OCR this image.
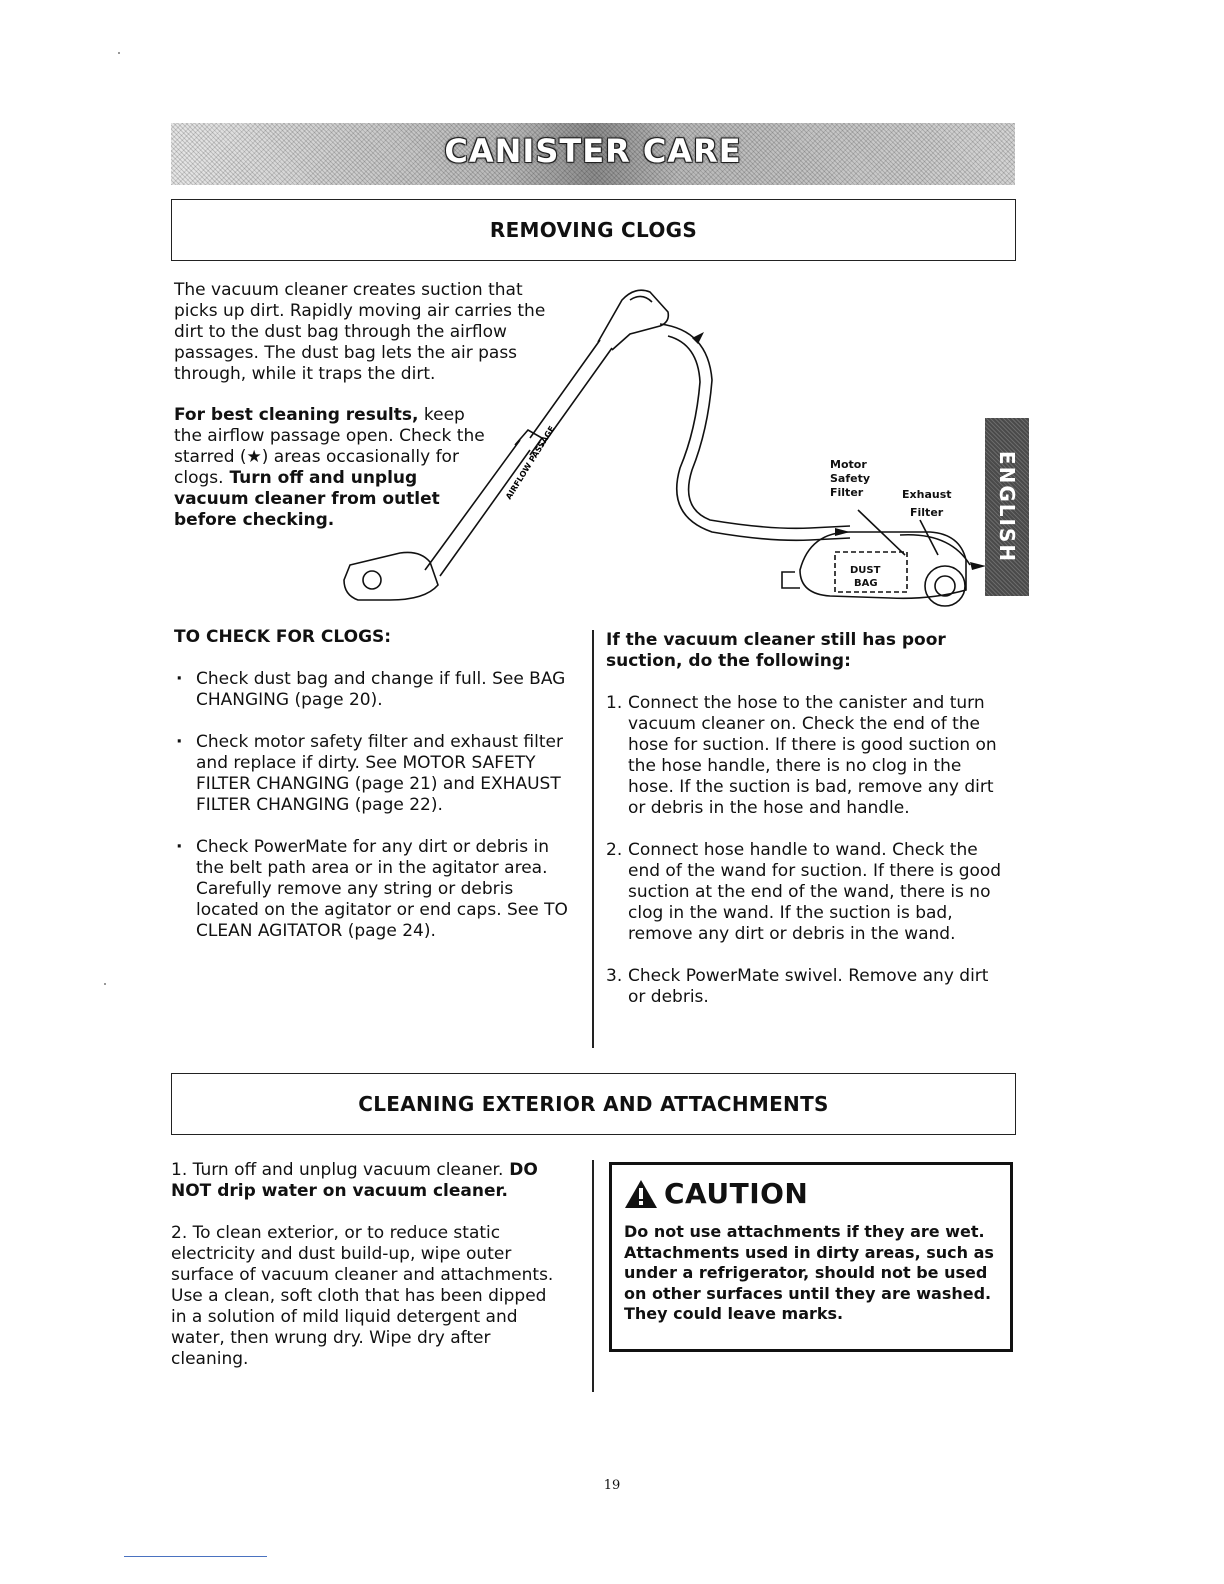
CANISTER CARE
REMOVING CLOGS

The vacuum cleaner creates suction that picks up dirt. Rapidly moving air carries the dirt to the dust bag through the airflow passages. The dust bag lets the air pass through, while it traps the dirt.

For best cleaning results, keep the airflow passage open. Check the starred (★) areas occasionally for clogs. Turn off and unplug vacuum cleaner from outlet before checking.

AIRFLOW PASSAGE	Motor
Safety
Filter	Exhaust
Filter
DUST
BAG
ENGLISH

TO CHECK FOR CLOGS:

· Check dust bag and change if full. See BAG CHANGING (page 20).
· Check motor safety filter and exhaust filter and replace if dirty. See MOTOR SAFETY FILTER CHANGING (page 21) and EXHAUST FILTER CHANGING (page 22).
· Check PowerMate for any dirt or debris in the belt path area or in the agitator area. Carefully remove any string or debris located on the agitator or end caps. See TO CLEAN AGITATOR (page 24).

If the vacuum cleaner still has poor suction, do the following:

1. Connect the hose to the canister and turn vacuum cleaner on. Check the end of the hose for suction. If there is good suction on the hose handle, there is no clog in the hose. If the suction is bad, remove any dirt or debris in the hose and handle.
2. Connect hose handle to wand. Check the end of the wand for suction. If there is good suction at the end of the wand, there is no clog in the wand. If the suction is bad, remove any dirt or debris in the wand.
3. Check PowerMate swivel. Remove any dirt or debris.
CLEANING EXTERIOR AND ATTACHMENTS

1. Turn off and unplug vacuum cleaner. DO NOT drip water on vacuum cleaner.

2. To clean exterior, or to reduce static electricity and dust build-up, wipe outer surface of vacuum cleaner and attachments. Use a clean, soft cloth that has been dipped in a solution of mild liquid detergent and water, then wrung dry. Wipe dry after cleaning.

CAUTION

Do not use attachments if they are wet. Attachments used in dirty areas, such as under a refrigerator, should not be used on other surfaces until they are washed. They could leave marks.

19
